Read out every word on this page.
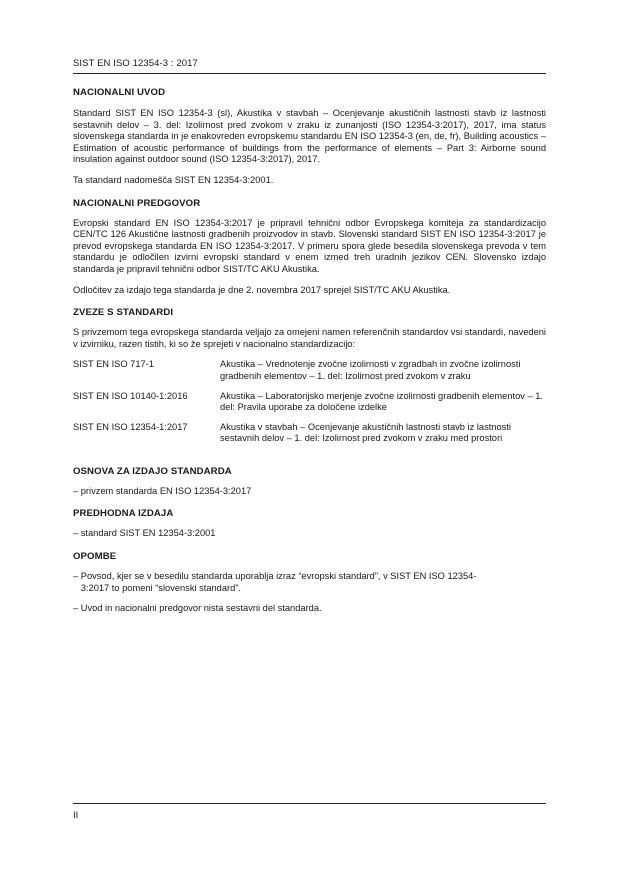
SIST EN ISO 12354-3 : 2017
NACIONALNI UVOD

Standard SIST EN ISO 12354-3 (sl), Akustika v stavbah – Ocenjevanje akustičnih lastnosti stavb iz lastnosti sestavnih delov – 3. del: Izolirnost pred zvokom v zraku iz zunanjosti (ISO 12354-3:2017), 2017, ima status slovenskega standarda in je enakovreden evropskemu standardu EN ISO 12354-3 (en, de, fr), Building acoustics – Estimation of acoustic performance of buildings from the performance of elements – Part 3: Airborne sound insulation against outdoor sound (ISO 12354-3:2017), 2017.

Ta standard nadomešča SIST EN 12354-3:2001.

NACIONALNI PREDGOVOR

Evropski standard EN ISO 12354-3:2017 je pripravil tehnični odbor Evropskega komiteja za standardizacijo CEN/TC 126 Akustične lastnosti gradbenih proizvodov in stavb. Slovenski standard SIST EN ISO 12354-3:2017 je prevod evropskega standarda EN ISO 12354-3:2017. V primeru spora glede besedila slovenskega prevoda v tem standardu je odločilen izvirni evropski standard v enem izmed treh uradnih jezikov CEN. Slovensko izdajo standarda je pripravil tehnični odbor SIST/TC AKU Akustika.

Odločitev za izdajo tega standarda je dne 2. novembra 2017 sprejel SIST/TC AKU Akustika.

ZVEZE S STANDARDI

S privzemom tega evropskega standarda veljajo za omejeni namen referenčnih standardov vsi standardi, navedeni v izvirniku, razen tistih, ki so že sprejeti v nacionalno standardizacijo:

SIST EN ISO 717-1	Akustika – Vrednotenje zvočne izolirnosti v zgradbah in zvočne izolirnosti gradbenih elementov – 1. del: Izolirnost pred zvokom v zraku
SIST EN ISO 10140-1:2016	Akustika – Laboratorijsko merjenje zvočne izolirnosti gradbenih elementov – 1. del: Pravila uporabe za določene izdelke
SIST EN ISO 12354-1:2017	Akustika v stavbah – Ocenjevanje akustičnih lastnosti stavb iz lastnosti sestavnih delov – 1. del: Izolirnost pred zvokom v zraku med prostori
OSNOVA ZA IZDAJO STANDARDA

– privzem standarda EN ISO 12354-3:2017

PREDHODNA IZDAJA

– standard SIST EN 12354-3:2001

OPOMBE
– Povsod, kjer se v besedilu standarda uporablja izraz “evropski standard”, v SIST EN ISO 12354-3:2017 to pomeni “slovenski standard”.

– Uvod in nacionalni predgovor nista sestavni del standarda.

II
